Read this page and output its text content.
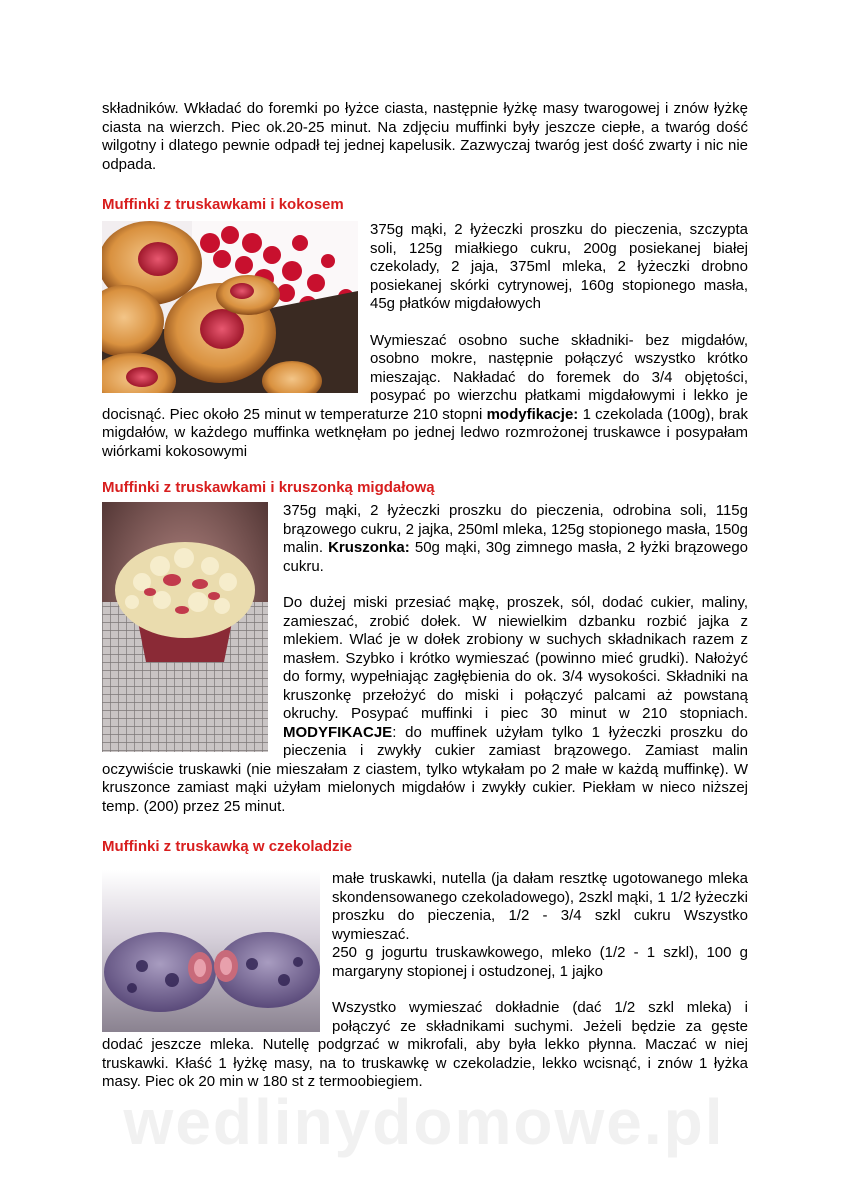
składników. Wkładać do foremki po łyżce ciasta, następnie łyżkę masy twarogowej i znów łyżkę ciasta na wierzch. Piec ok.20-25 minut. Na zdjęciu muffinki były jeszcze ciepłe, a twaróg dość wilgotny i dlatego pewnie odpadł tej jednej kapelusik. Zazwyczaj twaróg jest dość zwarty i nic nie odpada.

Muffinki z truskawkami i kokosem

375g mąki, 2 łyżeczki proszku do pieczenia, szczypta soli, 125g miałkiego cukru, 200g posiekanej białej czekolady, 2 jaja, 375ml mleka, 2 łyżeczki drobno posiekanej skórki cytrynowej, 160g stopionego masła, 45g płatków migdałowych

Wymieszać osobno suche składniki- bez migdałów, osobno mokre, następnie połączyć wszystko krótko mieszając. Nakładać do foremek do 3/4 objętości, posypać po wierzchu płatkami migdałowymi i lekko je docisnąć. Piec około 25 minut w temperaturze 210 stopni modyfikacje: 1 czekolada (100g), brak migdałów, w każdego muffinka wetknęłam po jednej ledwo rozmrożonej truskawce i posypałam wiórkami kokosowymi

Muffinki z truskawkami i kruszonką migdałową

375g mąki, 2 łyżeczki proszku do pieczenia, odrobina soli, 115g brązowego cukru, 2 jajka, 250ml mleka, 125g stopionego masła, 150g malin. Kruszonka: 50g mąki, 30g zimnego masła, 2 łyżki brązowego cukru.

Do dużej miski przesiać mąkę, proszek, sól, dodać cukier, maliny, zamieszać, zrobić dołek. W niewielkim dzbanku rozbić jajka z mlekiem. Wlać je w dołek zrobiony w suchych składnikach razem z masłem. Szybko i krótko wymieszać (powinno mieć grudki). Nałożyć do formy, wypełniając zagłębienia do ok. 3/4 wysokości. Składniki na kruszonkę przełożyć do miski i połączyć palcami aż powstaną okruchy. Posypać muffinki i piec 30 minut w 210 stopniach. MODYFIKACJE: do muffinek użyłam tylko 1 łyżeczki proszku do pieczenia i zwykły cukier zamiast brązowego. Zamiast malin oczywiście truskawki (nie mieszałam z ciastem, tylko wtykałam po 2 małe w każdą muffinkę). W kruszonce zamiast mąki użyłam mielonych migdałów i zwykły cukier. Piekłam w nieco niższej temp. (200) przez 25 minut.

Muffinki z truskawką w czekoladzie

małe truskawki, nutella (ja dałam resztkę ugotowanego mleka skondensowanego czekoladowego), 2szkl mąki, 1 1/2 łyżeczki proszku do pieczenia, 1/2 - 3/4 szkl cukru Wszystko wymieszać.

250 g jogurtu truskawkowego, mleko (1/2 - 1 szkl), 100 g margaryny stopionej i ostudzonej, 1 jajko

Wszystko wymieszać dokładnie (dać 1/2 szkl mleka) i połączyć ze składnikami suchymi. Jeżeli będzie za gęste dodać jeszcze mleka. Nutellę podgrzać w mikrofali, aby była lekko płynna. Maczać w niej truskawki. Kłaść 1 łyżkę masy, na to truskawkę w czekoladzie, lekko wcisnąć, i znów 1 łyżka masy. Piec ok 20 min w 180 st z termoobiegiem.

wedlinydomowe.pl
